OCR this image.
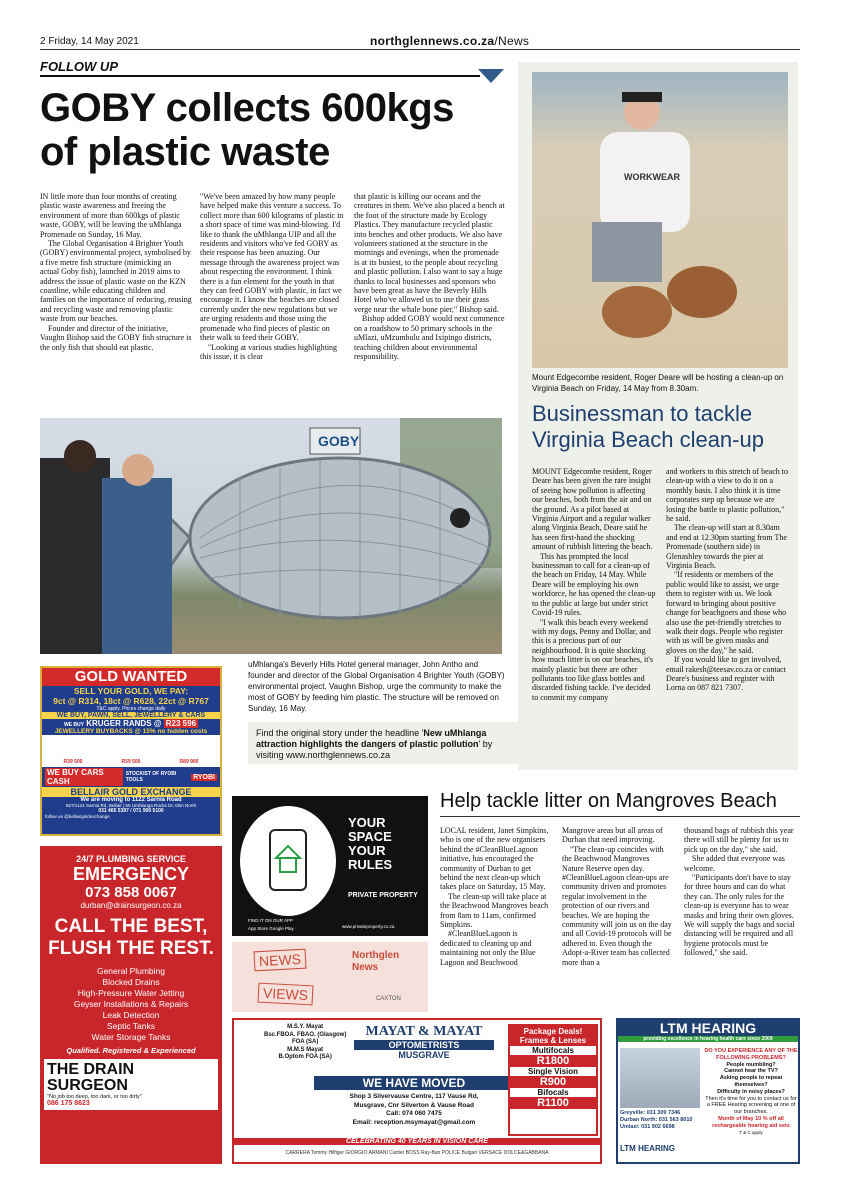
2 Friday, 14 May 2021	northglennews.co.za/News
FOLLOW UP
GOBY collects 600kgs
of plastic waste

IN little more than four months of creating plastic waste awareness and freeing the environment of more than 600kgs of plastic waste, GOBY, will be leaving the uMhlanga Promenade on Sunday, 16 May.

The Global Organisation 4 Brighter Youth (GOBY) environmental project, symbolised by a five metre fish structure (mimicking an actual Goby fish), launched in 2019 aims to address the issue of plastic waste on the KZN coastline, while educating children and families on the importance of reducing, reusing and recycling waste and removing plastic waste from our beaches.

Founder and director of the initiative, Vaughn Bishop said the GOBY fish structure is the only fish that should eat plastic.

"We've been amazed by how many people have helped make this venture a success. To collect more than 600 kilograms of plastic in a short space of time was mind-blowing. I'd like to thank the uMhlanga UIP and all the residents and visitors who've fed GOBY as their response has been amazing. Our message through the awareness project was about respecting the environment. I think there is a fun element for the youth in that they can feed GOBY with plastic, in fact we encourage it. I know the beaches are closed currently under the new regulations but we are urging residents and those using the promenade who find pieces of plastic on their walk to feed their GOBY.

"Looking at various studies highlighting this issue, it is clear

that plastic is killing our oceans and the creatures in them. We've also placed a bench at the foot of the structure made by Ecology Plastics. They manufacture recycled plastic into benches and other products. We also have volunteers stationed at the structure in the mornings and evenings, when the promenade is at its busiest, to the people about recycling and plastic pollution. I also want to say a huge thanks to local businesses and sponsors who have been great as have the Beverly Hills Hotel who've allowed us to use their grass verge near the whale bone pier," Bishop said.

Bishop added GOBY would next commence on a roadshow to 50 primary schools in the uMlazi, uMzumbulu and Ixipingo districts, teaching children about environmental responsibility.

GOBY
uMhlanga's Beverly Hills Hotel general manager, John Antho and founder and director of the Global Organisation 4 Brighter Youth (GOBY) environmental project, Vaughn Bishop, urge the community to make the most of GOBY by feeding him plastic. The structure will be removed on Sunday, 16 May.
Find the original story under the headline 'New uMhlanga attraction highlights the dangers of plastic pollution' by visiting www.northglennews.co.za
WORKWEAR
Mount Edgecombe resident, Roger Deare will be hosting a clean-up on Virginia Beach on Friday, 14 May from 8.30am.
Businessman to tackle Virginia Beach clean-up

MOUNT Edgecombe resident, Roger Deare has been given the rare insight of seeing how pollution is affecting our beaches, both from the air and on the ground. As a pilot based at Virginia Airport and a regular walker along Virginia Beach, Deare said he has seen first-hand the shocking amount of rubbish littering the beach.

This has prompted the local businessman to call for a clean-up of the beach on Friday, 14 May. While Deare will be employing his own workforce, he has opened the clean-up to the public at large but under strict Covid-19 rules.

"I walk this beach every weekend with my dogs, Penny and Dollar, and this is a precious part of our neighbourhood. It is quite shocking how much litter is on our beaches, it's mainly plastic but there are other pollutants too like glass bottles and discarded fishing tackle. I've decided to commit my company

and workers to this stretch of beach to clean-up with a view to do it on a monthly basis. I also think it is time corporates step up because we are losing the battle to plastic pollution," he said.

The clean-up will start at 8.30am and end at 12.30pm starting from The Promenade (southern side) in Glenashley towards the pier at Virginia Beach.

"If residents or members of the public would like to assist, we urge them to register with us. We look forward to bringing about positive change for beachgoers and those who also use the pet-friendly stretches to walk their dogs. People who register with us will be given masks and gloves on the day," he said.

If you would like to get involved, email rakesh@teesav.co.za or contact Deare's business and register with Lorna on 087 821 7307.

Help tackle litter on Mangroves Beach

LOCAL resident, Janet Simpkins, who is one of the new organisers behind the #CleanBlueLagoon initiative, has encouraged the community of Durban to get behind the next clean-up which takes place on Saturday, 15 May.

The clean-up will take place at the Beachwood Mangroves beach from 8am to 11am, confirmed Simpkins.

#CleanBlueLagoon is dedicated to cleaning up and maintaining not only the Blue Lagoon and Beachwood

Mangrove areas but all areas of Durban that need improving.

"The clean-up coincides with the Beachwood Mangroves Nature Reserve open day. #CleanBlueLagoon clean-ups are community driven and promotes regular involvement in the protection of our rivers and beaches. We are hoping the community will join us on the day and all Covid-19 protocols will be adhered to. Even though the Adopt-a-River team has collected more than a

thousand bags of rubbish this year there will still be plenty for us to pick up on the day," she said.

She added that everyone was welcome.

"Participants don't have to stay for three hours and can do what they can. The only rules for the clean-up is everyone has to wear masks and bring their own gloves. We will supply the bags and social distancing will be required and all hygiene protocols must be followed," she said.

GOLD WANTED
SELL YOUR GOLD, WE PAY:
9ct @ R314, 18ct @ R628, 22ct @ R767
T&C apply. Prices change daily
WE BUY, PAWN, SELL, JEWELLERY & CARS
WE BUY KRUGER RANDS @ R23 596
JEWELLERY BUYBACKS @ 15% no hidden costs
R39 500	R59 500	R89 900
WE BUY CARS CASH
STOCKIST OF RYOBI TOOLS	RYOBI
BELLAIR GOLD EXCHANGE
We are moving to 1122 Sarnia Road
927/1122 Sarnia Rd, Bellair | 55 Umhlanga Rocks Dr, Dbn North
031 465 5397 / 071 900 5100
follow us @bellairgoldexchange
24/7 PLUMBING SERVICE
EMERGENCY
073 858 0067
durban@drainsurgeon.co.za
CALL THE BEST, FLUSH THE REST.
General Plumbing
Blocked Drains
High-Pressure Water Jetting
Geyser Installations & Repairs
Leak Detection
Septic Tanks
Water Storage Tanks
Qualified. Registered & Experienced
THE DRAIN
SURGEON
"No job too deep, too dark, or too dirty"
086 175 8623
YOUR SPACE YOUR RULES
PRIVATE PROPERTY
FIND IT ON OUR APP
App Store Google Play	www.privateproperty.co.za
NEWS
VIEWS
Northglen
News
CAXTON
M.S.Y. Mayat
Bsc.FBOA. FBAO. (Glasgow)
FOA (SA)
M.M.S Mayat
B.Optom FOA (SA)
MAYAT & MAYAT
OPTOMETRISTS
MUSGRAVE
WE HAVE MOVED
Shop 3 Silvervause Centre, 117 Vause Rd,
Musgrave, Cnr Silverton & Vause Road
Call: 074 060 7475
Email: reception.msymayat@gmail.com
Package Deals! Frames & Lenses
Multifocals
R1800
Single Vision
R900
Bifocals
R1100
CELEBRATING 40 YEARS IN VISION CARE
CARRERA Tommy Hilfiger GIORGIO ARMANI Cartier BOSS Ray-Ban POLICE Bulgari VERSACE DOLCE&GABBANA
LTM HEARING
providing excellence in hearing health care since 2009
Greyville: 031 309 7346
Durban North: 031 563 8010
Umlazi: 031 902 6698
DO YOU EXPERIENCE ANY OF THE FOLLOWING PROBLEMS?
People mumbling?
Cannot hear the TV?
Asking people to repeat themselves?
Difficulty in noisy places?
Then it's time for you to contact us for a FREE Hearing screening at one of our branches.
Month of May 10 % off all rechargeable hearing aid sets
T & C apply
LTM HEARING
